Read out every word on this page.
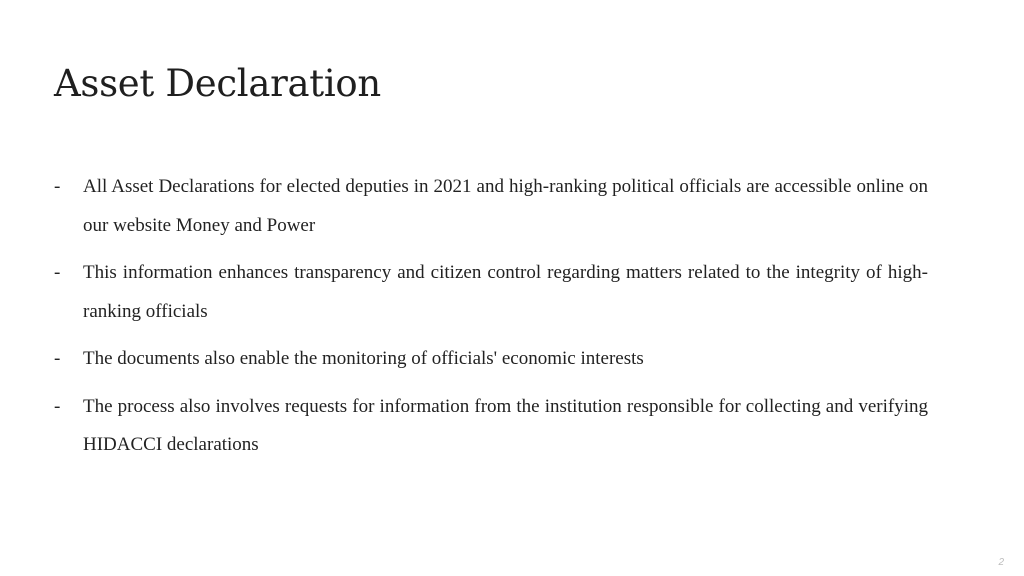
Asset Declaration
- All Asset Declarations for elected deputies in 2021 and high-ranking political officials are accessible online on our website Money and Power
- This information enhances transparency and citizen control regarding matters related to the integrity of high-ranking officials
- The documents also enable the monitoring of officials' economic interests
- The process also involves requests for information from the institution responsible for collecting and verifying HIDACCI declarations
2
